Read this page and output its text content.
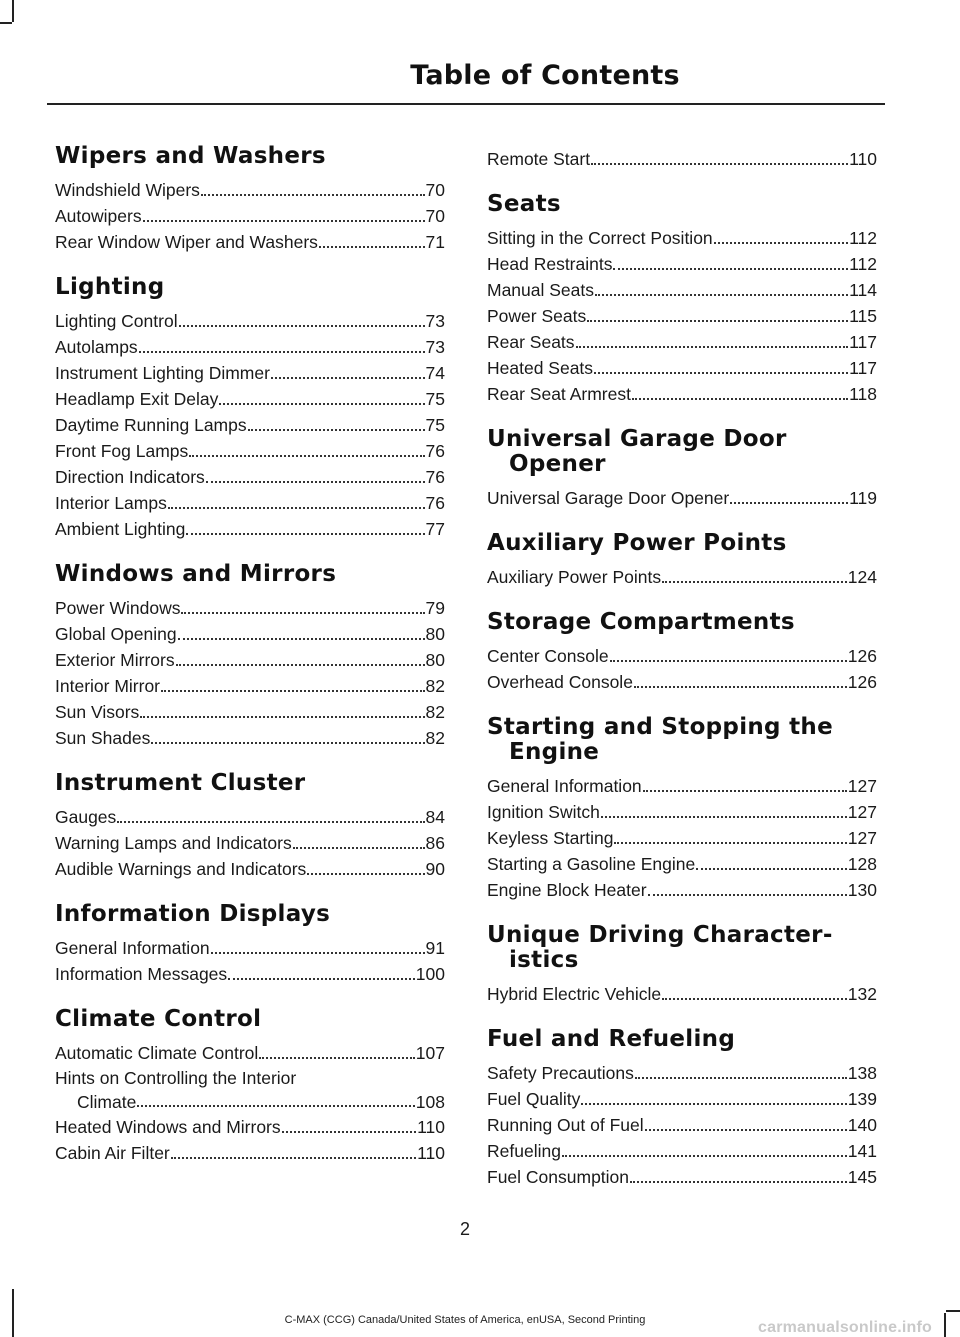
Table of Contents
Wipers and Washers
Windshield Wipers	70
Autowipers	70
Rear Window Wiper and Washers	71
Lighting
Lighting Control	73
Autolamps	73
Instrument Lighting Dimmer	74
Headlamp Exit Delay	75
Daytime Running Lamps	75
Front Fog Lamps	76
Direction Indicators	76
Interior Lamps	76
Ambient Lighting	77
Windows and Mirrors
Power Windows	79
Global Opening	80
Exterior Mirrors	80
Interior Mirror	82
Sun Visors	82
Sun Shades	82
Instrument Cluster
Gauges	84
Warning Lamps and Indicators	86
Audible Warnings and Indicators	90
Information Displays
General Information	91
Information Messages	100
Climate Control
Automatic Climate Control	107
Hints on Controlling the Interior
Climate	108
Heated Windows and Mirrors	110
Cabin Air Filter	110
Remote Start	110
Seats
Sitting in the Correct Position	112
Head Restraints	112
Manual Seats	114
Power Seats	115
Rear Seats	117
Heated Seats	117
Rear Seat Armrest	118
Universal Garage Door Opener
Universal Garage Door Opener	119
Auxiliary Power Points
Auxiliary Power Points	124
Storage Compartments
Center Console	126
Overhead Console	126
Starting and Stopping the Engine
General Information	127
Ignition Switch	127
Keyless Starting	127
Starting a Gasoline Engine	128
Engine Block Heater	130
Unique Driving Character-istics
Hybrid Electric Vehicle	132
Fuel and Refueling
Safety Precautions	138
Fuel Quality	139
Running Out of Fuel	140
Refueling	141
Fuel Consumption	145
2
C-MAX (CCG) Canada/United States of America, enUSA, Second Printing	carmanualsonline.info
